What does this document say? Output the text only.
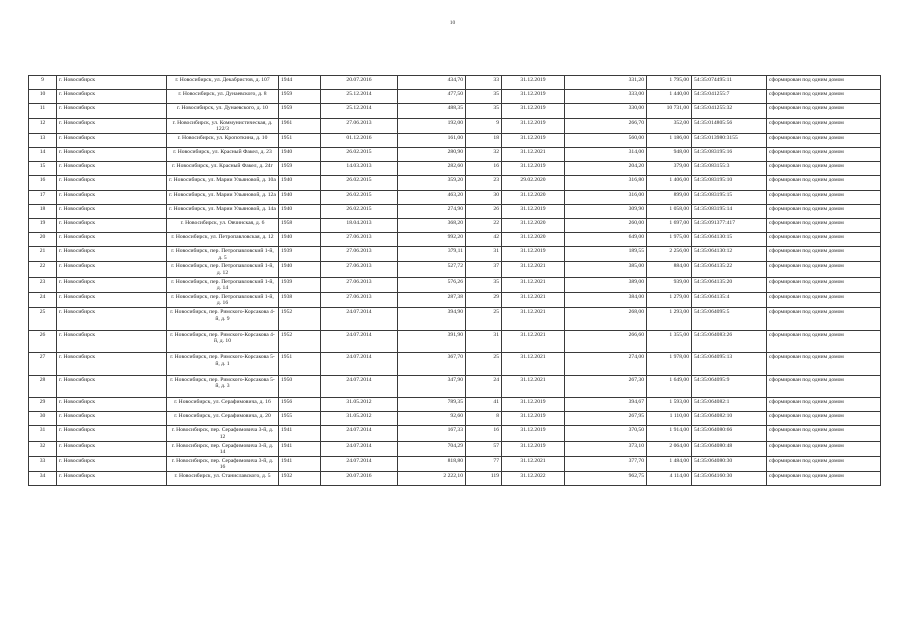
10
9	г. Новосибирск	г. Новосибирск, ул. Декабристов, д. 107	1944	20.07.2016	434,70	33	31.12.2019	331,20	1 795,00	54:35:074495:11	сформирован под одним домом
10	г. Новосибирск	г. Новосибирск, ул. Дунаевского, д. 8	1959	25.12.2014	477,50	35	31.12.2019	333,00	1 440,00	54:35:041255:7	сформирован под одним домом
11	г. Новосибирск	г. Новосибирск, ул. Дунаевского, д. 10	1959	25.12.2014	488,35	35	31.12.2019	330,00	10 731,00	54:35:041255:32	сформирован под одним домом
12	г. Новосибирск	г. Новосибирск, ул. Коммунистическая, д. 122/3	1961	27.06.2013	192,00	9	31.12.2019	266,70	352,00	54:35:014805:56	сформирован под одним домом
13	г. Новосибирск	г. Новосибирск, ул. Кропоткина, д. 10	1951	01.12.2016	161,00	18	31.12.2019	560,00	1 186,00	54:35:013980:3155	сформирован под одним домом
14	г. Новосибирск	г. Новосибирск, ул. Красный Факел, д. 23	1940	26.02.2015	280,90	32	31.12.2021	314,00	948,00	54:35:083195:16	сформирован под одним домом
15	г. Новосибирск	г. Новосибирск, ул. Красный Факел, д. 24г	1959	14.03.2013	282,60	16	31.12.2019	204,20	379,00	54:35:083155:3	сформирован под одним домом
16	г. Новосибирск	г. Новосибирск, ул. Марии Ульяновой, д. 10а	1940	26.02.2015	359,20	23	29.02.2020	316,80	1 406,00	54:35:083195:10	сформирован под одним домом
17	г. Новосибирск	г. Новосибирск, ул. Марии Ульяновой, д. 12а	1940	26.02.2015	463,20	30	31.12.2020	316,00	899,00	54:35:083195:15	сформирован под одним домом
18	г. Новосибирск	г. Новосибирск, ул. Марии Ульяновой, д. 14а	1940	26.02.2015	274,90	26	31.12.2019	309,90	1 058,00	54:35:083195:14	сформирован под одним домом
19	г. Новосибирск	г. Новосибирск, ул. Овчинская, д. 6	1958	18.04.2013	368,20	22	31.12.2020	260,00	1 697,00	54:35:091377:417	сформирован под одним домом
20	г. Новосибирск	г. Новосибирск, ул. Петропавловская, д. 12	1940	27.06.2013	992,20	42	31.12.2020	649,00	1 975,00	54:35:064130:15	сформирован под одним домом
21	г. Новосибирск	г. Новосибирск, пер. Петропавловский 1-й, д. 5	1939	27.06.2013	379,11	31	31.12.2019	189,55	2 256,00	54:35:064130:12	сформирован под одним домом
22	г. Новосибирск	г. Новосибирск, пер. Петропавловский 1-й, д. 12	1940	27.06.2013	527,72	37	31.12.2021	385,00	884,00	54:35:064135:22	сформирован под одним домом
23	г. Новосибирск	г. Новосибирск, пер. Петропавловский 1-й, д. 14	1939	27.06.2013	576,26	35	31.12.2021	389,00	939,00	54:35:064135:20	сформирован под одним домом
24	г. Новосибирск	г. Новосибирск, пер. Петропавловский 1-й, д. 16	1938	27.06.2013	287,38	29	31.12.2021	384,00	1 279,00	54:35:064135:4	сформирован под одним домом
25	г. Новосибирск	г. Новосибирск, пер. Римского-Корсакова 4-й, д. 9	1952	24.07.2014	394,90	25	31.12.2021	268,00	1 293,00	54:35:064095:5	сформирован под одним домом
26	г. Новосибирск	г. Новосибирск, пер. Римского-Корсакова 4-й, д. 10	1952	24.07.2014	391,90	31	31.12.2021	266,60	1 355,00	54:35:064083:26	сформирован под одним домом
27	г. Новосибирск	г. Новосибирск, пер. Римского-Корсакова 5-й, д. 1	1951	24.07.2014	367,70	25	31.12.2021	274,00	1 978,00	54:35:064095:13	сформирован под одним домом
28	г. Новосибирск	г. Новосибирск, пер. Римского-Корсакова 5-й, д. 3	1950	24.07.2014	347,90	24	31.12.2021	267,30	1 649,00	54:35:064095:9	сформирован под одним домом
29	г. Новосибирск	г. Новосибирск, ул. Серафимовича, д. 16	1956	31.05.2012	789,35	41	31.12.2019	394,67	1 593,00	54:35:064082:1	сформирован под одним домом
30	г. Новосибирск	г. Новосибирск, ул. Серафимовича, д. 20	1955	31.05.2012	92,60	8	31.12.2019	267,95	1 110,00	54:35:064082:10	сформирован под одним домом
31	г. Новосибирск	г. Новосибирск, пер. Серафимовича 3-й, д. 12	1941	24.07.2014	167,33	16	31.12.2019	370,50	1 914,00	54:35:064080:66	сформирован под одним домом
32	г. Новосибирск	г. Новосибирск, пер. Серафимовича 3-й, д. 14	1941	24.07.2014	704,29	57	31.12.2019	373,10	2 064,00	54:35:064080:48	сформирован под одним домом
33	г. Новосибирск	г. Новосибирск, пер. Серафимовича 3-й, д. 16	1941	24.07.2014	818,80	77	31.12.2021	377,70	1 484,00	54:35:064080:30	сформирован под одним домом
34	г. Новосибирск	г. Новосибирск, ул. Станиславского, д. 5	1932	20.07.2016	2 222,10	119	31.12.2022	962,75	4 114,00	54:35:064160:30	сформирован под одним домом
